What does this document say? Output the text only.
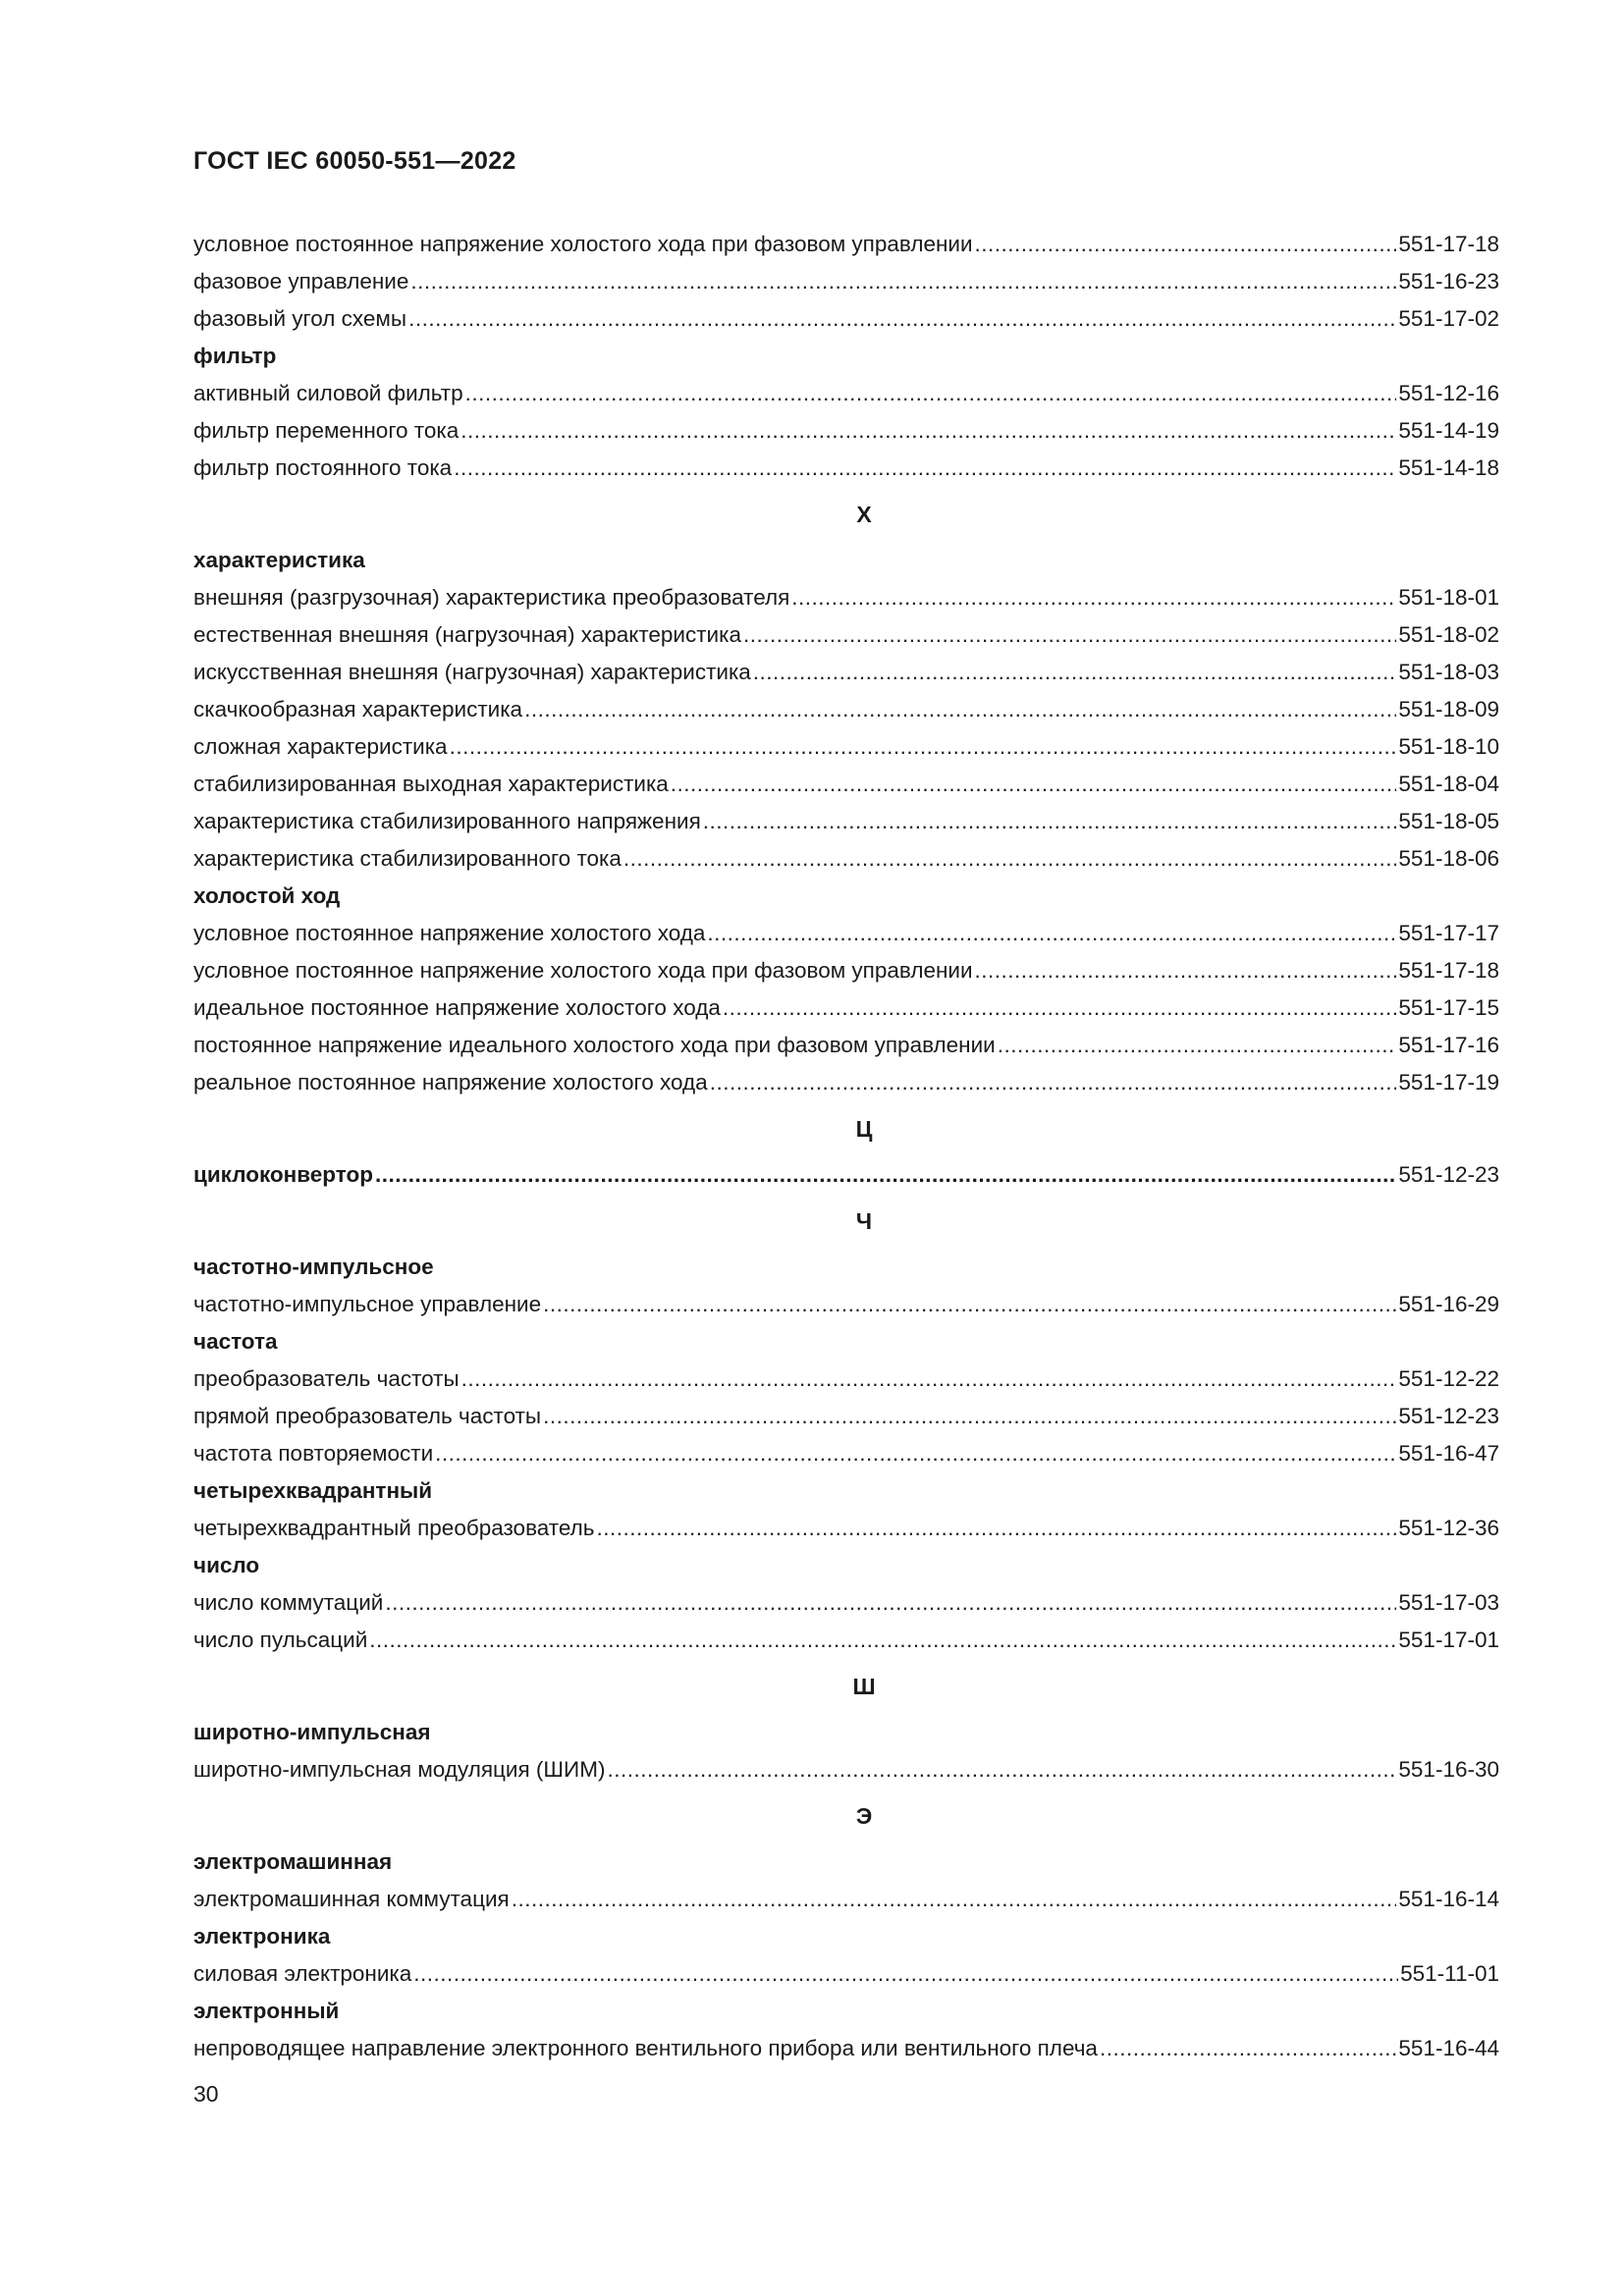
ГОСТ IEC 60050-551—2022
условное постоянное напряжение холостого хода при фазовом управлении .....	551-17-18
фазовое управление .....	551-16-23
фазовый угол схемы .....	551-17-02
фильтр
активный силовой фильтр .....	551-12-16
фильтр переменного тока .....	551-14-19
фильтр постоянного тока .....	551-14-18
Х
характеристика
внешняя (разгрузочная) характеристика преобразователя .....	551-18-01
естественная внешняя (нагрузочная) характеристика .....	551-18-02
искусственная внешняя (нагрузочная) характеристика .....	551-18-03
скачкообразная характеристика .....	551-18-09
сложная характеристика .....	551-18-10
стабилизированная выходная характеристика .....	551-18-04
характеристика стабилизированного напряжения .....	551-18-05
характеристика стабилизированного тока .....	551-18-06
холостой ход
условное постоянное напряжение холостого хода .....	551-17-17
условное постоянное напряжение холостого хода при фазовом управлении .....	551-17-18
идеальное постоянное напряжение холостого хода .....	551-17-15
постоянное напряжение идеального холостого хода при фазовом управлении .....	551-17-16
реальное постоянное напряжение холостого хода .....	551-17-19
Ц
циклоконвертор .....	551-12-23
Ч
частотно-импульсное
частотно-импульсное управление .....	551-16-29
частота
преобразователь частоты .....	551-12-22
прямой преобразователь частоты .....	551-12-23
частота повторяемости .....	551-16-47
четырехквадрантный
четырехквадрантный преобразователь .....	551-12-36
число
число коммутаций .....	551-17-03
число пульсаций .....	551-17-01
Ш
широтно-импульсная
широтно-импульсная модуляция (ШИМ) .....	551-16-30
Э
электромашинная
электромашинная коммутация .....	551-16-14
электроника
силовая электроника .....	551-11-01
электронный
непроводящее направление электронного вентильного прибора или вентильного плеча .....	551-16-44
30
